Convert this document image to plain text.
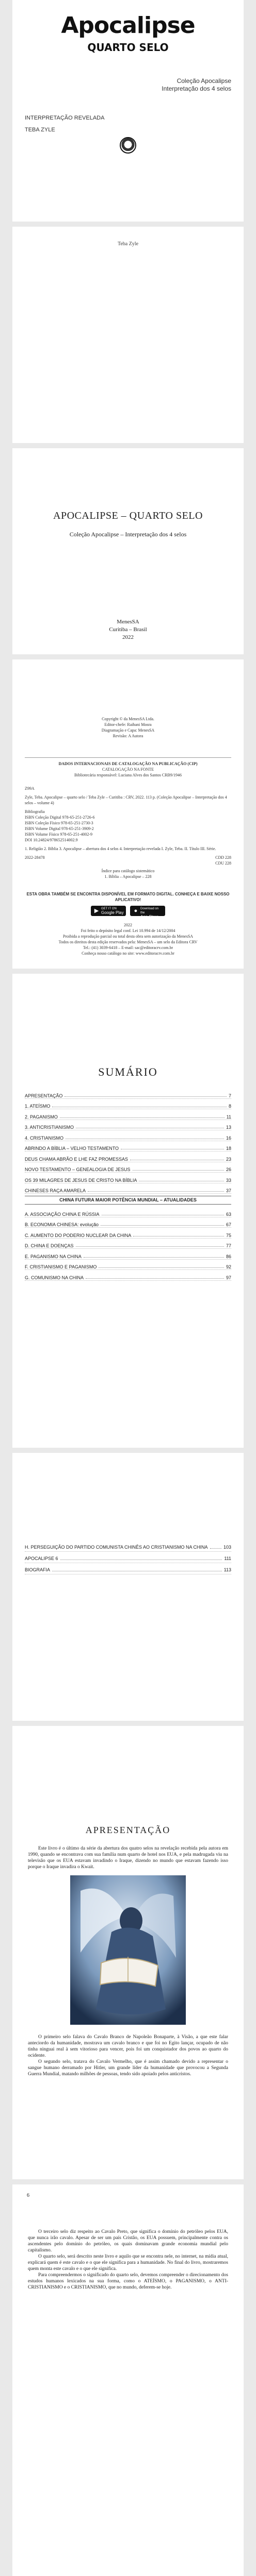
Apocalipse
QUARTO SELO
Coleção Apocalipse
Interpretação dos 4 selos
INTERPRETAÇÃO REVELADA
TEBA ZYLE
Teba Zyle
APOCALIPSE – QUARTO SELO
Coleção Apocalipse – Interpretação dos 4 selos
MenesSA
Curitiba – Brasil
2022
Copyright © da MenesSA Ltda.
Editor-chefe: Raihani Mosra
Diagramação e Capa: MenesSA
Revisão: A Autora
DADOS INTERNACIONAIS DE CATALOGAÇÃO NA PUBLICAÇÃO (CIP)
CATALOGAÇÃO NA FONTE
Bibliotecária responsável: Luciana Alves dos Santos CRB9/1946

Z99A

Zyle, Teba. Apocalipse – quarto selo / Teba Zyle – Curitiba : CRV, 2022. 113 p. (Coleção Apocalipse – Interpretação dos 4 selos – volume 4)

Bibliografia
ISBN Coleção Digital 978-65-251-2726-6
ISBN Coleção Físico 978-65-251-2730-3
ISBN Volume Digital 978-65-251-3909-2
ISBN Volume Físico 978-65-251-4002-9

DOI 10.24824/978652514002.9

1. Religião 2. Bíblia 3. Apocalipse – abertura dos 4 selos 4. Interpretação revelada I. Zyle, Teba. II. Título III. Série.

2022-28478	CDD 228
CDU 228
Índice para catálogo sistemático
1. Bíblia – Apocalipse – 228
ESTA OBRA TAMBÉM SE ENCONTRA DISPONÍVEL EM FORMATO DIGITAL. CONHEÇA E BAIXE NOSSO APLICATIVO!
▶ GET IT ON
Google Play ● Download on the
App Store
2022
Foi feito o depósito legal conf. Lei 10.994 de 14/12/2004
Proibida a reprodução parcial ou total desta obra sem autorização da MenesSA
Todos os direitos desta edição reservados pela: MenesSA – um selo da Editora CRV
Tel.: (41) 3039-6418 – E-mail: sac@editoracrv.com.br
Conheça nosso catálogo no site: www.editoracrv.com.br
SUMÁRIO
APRESENTAÇÃO	7
1. ATEÍSMO	8
2. PAGANISMO	11
3. ANTICRISTIANISMO	13
4. CRISTIANISMO	16
ABRINDO A BÍBLIA – VELHO TESTAMENTO	18
DEUS CHAMA ABRÃO E LHE FAZ PROMESSAS	23
NOVO TESTAMENTO – GENEALOGIA DE JESUS	26
OS 39 MILAGRES DE JESUS DE CRISTO NA BÍBLIA	33
CHINESES RAÇA AMARELA	37
CHINA FUTURA MAIOR POTÊNCIA MUNDIAL – ATUALIDADES
A. ASSOCIAÇÃO CHINA E RÚSSIA	63
B. ECONOMIA CHINESA: evolução	67
C. AUMENTO DO PODERIO NUCLEAR DA CHINA	75
D. CHINA E DOENÇAS	77
E. PAGANISMO NA CHINA	86
F. CRISTIANISMO E PAGANISMO	92
G. COMUNISMO NA CHINA	97
H. PERSEGUIÇÃO DO PARTIDO COMUNISTA CHINÊS AO CRISTIANISMO NA CHINA	103
APOCALIPSE 6	111
BIOGRAFIA	113
APRESENTAÇÃO

Este livro é o último da série da abertura dos quatro selos na revelação recebida pela autora em 1990, quando se encontrava com sua família num quarto de hotel nos EUA, e pela madrugada viu na televisão que os EUA estavam invadindo o Iraque, dizendo no mundo que estavam fazendo isso porque o Iraque invadira o Kwait.

O primeiro selo falava do Cavalo Branco de Napoleão Bonaparte, à Visão, a que este falar anteciordo da humanidade, mostrava um cavalo branco e que foi no Egito lançar, ocupado de não tinha ninguai real à sem vitorioso para vencer, pois foi um conquistador dos povos ao quarto do ocidente.

O segundo selo, tratava do Cavalo Vermelho, que é assim chamado devido a representar o sangue humano derramado por Hitler, um grande líder da humanidade que provocou a Segunda Guerra Mundial, matando milhões de pessoas, tendo sido apoiado pelos anticristos.

6

O terceiro selo diz respeito ao Cavalo Preto, que significa o domínio do petróleo pelos EUA, que nunca irão cavalo. Apesar de ser um país Cristão, os EUA possuem, principalmente contra os ascendentes pelo domínio do petróleo, os quais dominavam grande economia mundial pelo capitalismo.

O quarto selo, será descrito neste livro e aquilo que se encontra nele, no internet, na mídia atual, explicará quem é este cavalo e o que ele significa para a humanidade. No final do livro, mostraremos quem monta este cavalo e o que ele significa.

Para compreendermos o significado do quarto selo, devemos compreender o direcionamento dos estudos humanos lexicados na sua forma, como o ATEÍSMO, o PAGANISMO, o ANTI-CRISTIANISMO e o CRISTIANISMO, que no mundo, deferem-se hoje.
